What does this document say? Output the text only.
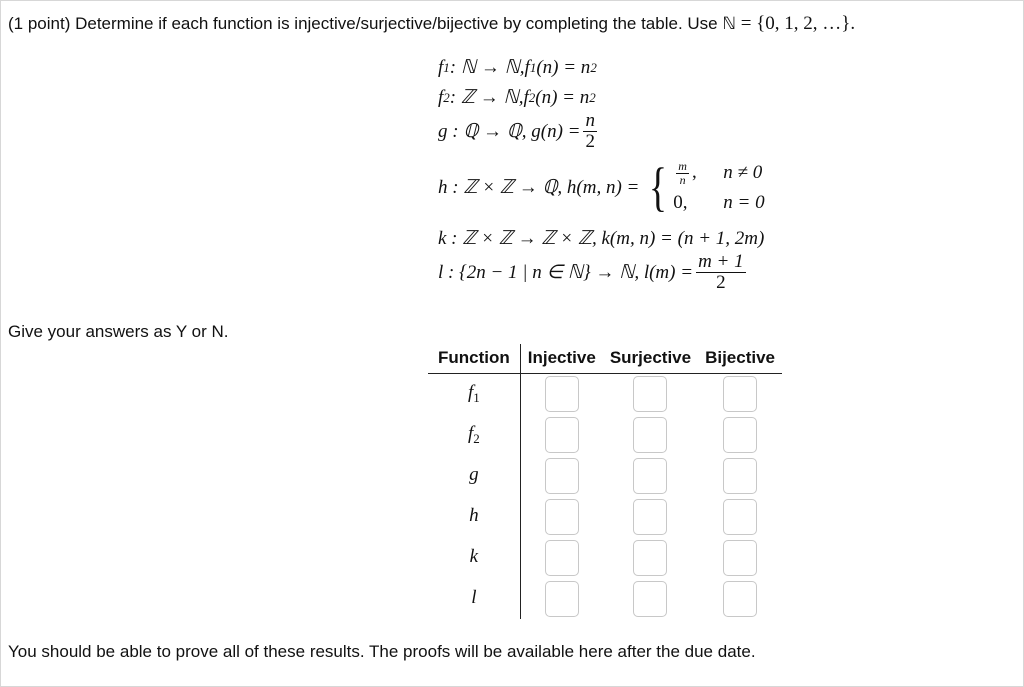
(1 point) Determine if each function is injective/surjective/bijective by completing the table. Use ℕ = {0, 1, 2, …}.
f 1 : ℕ → ℕ, f 1 (n) = n 2
f 2 : ℤ → ℕ, f 2 (n) = n 2
g : ℚ → ℚ, $g(n) = \frac{n}{2}$
h : ℤ × ℤ → ℚ, h(m, n) = { $\frac{m}{n}$ ,	n ≠ 0
0,	n = 0
k : ℤ × ℤ → ℤ × ℤ, k(m, n) = (n + 1, 2m)
l : {2n − 1 | n ∈ ℕ} → ℕ, $l(m) = \frac{m + 1}{2}$
Give your answers as Y or N.
Function	Injective	Surjective	Bijective
$f_1$			
$f_2$			
g			
h			
k			
l			
You should be able to prove all of these results. The proofs will be available here after the due date.
